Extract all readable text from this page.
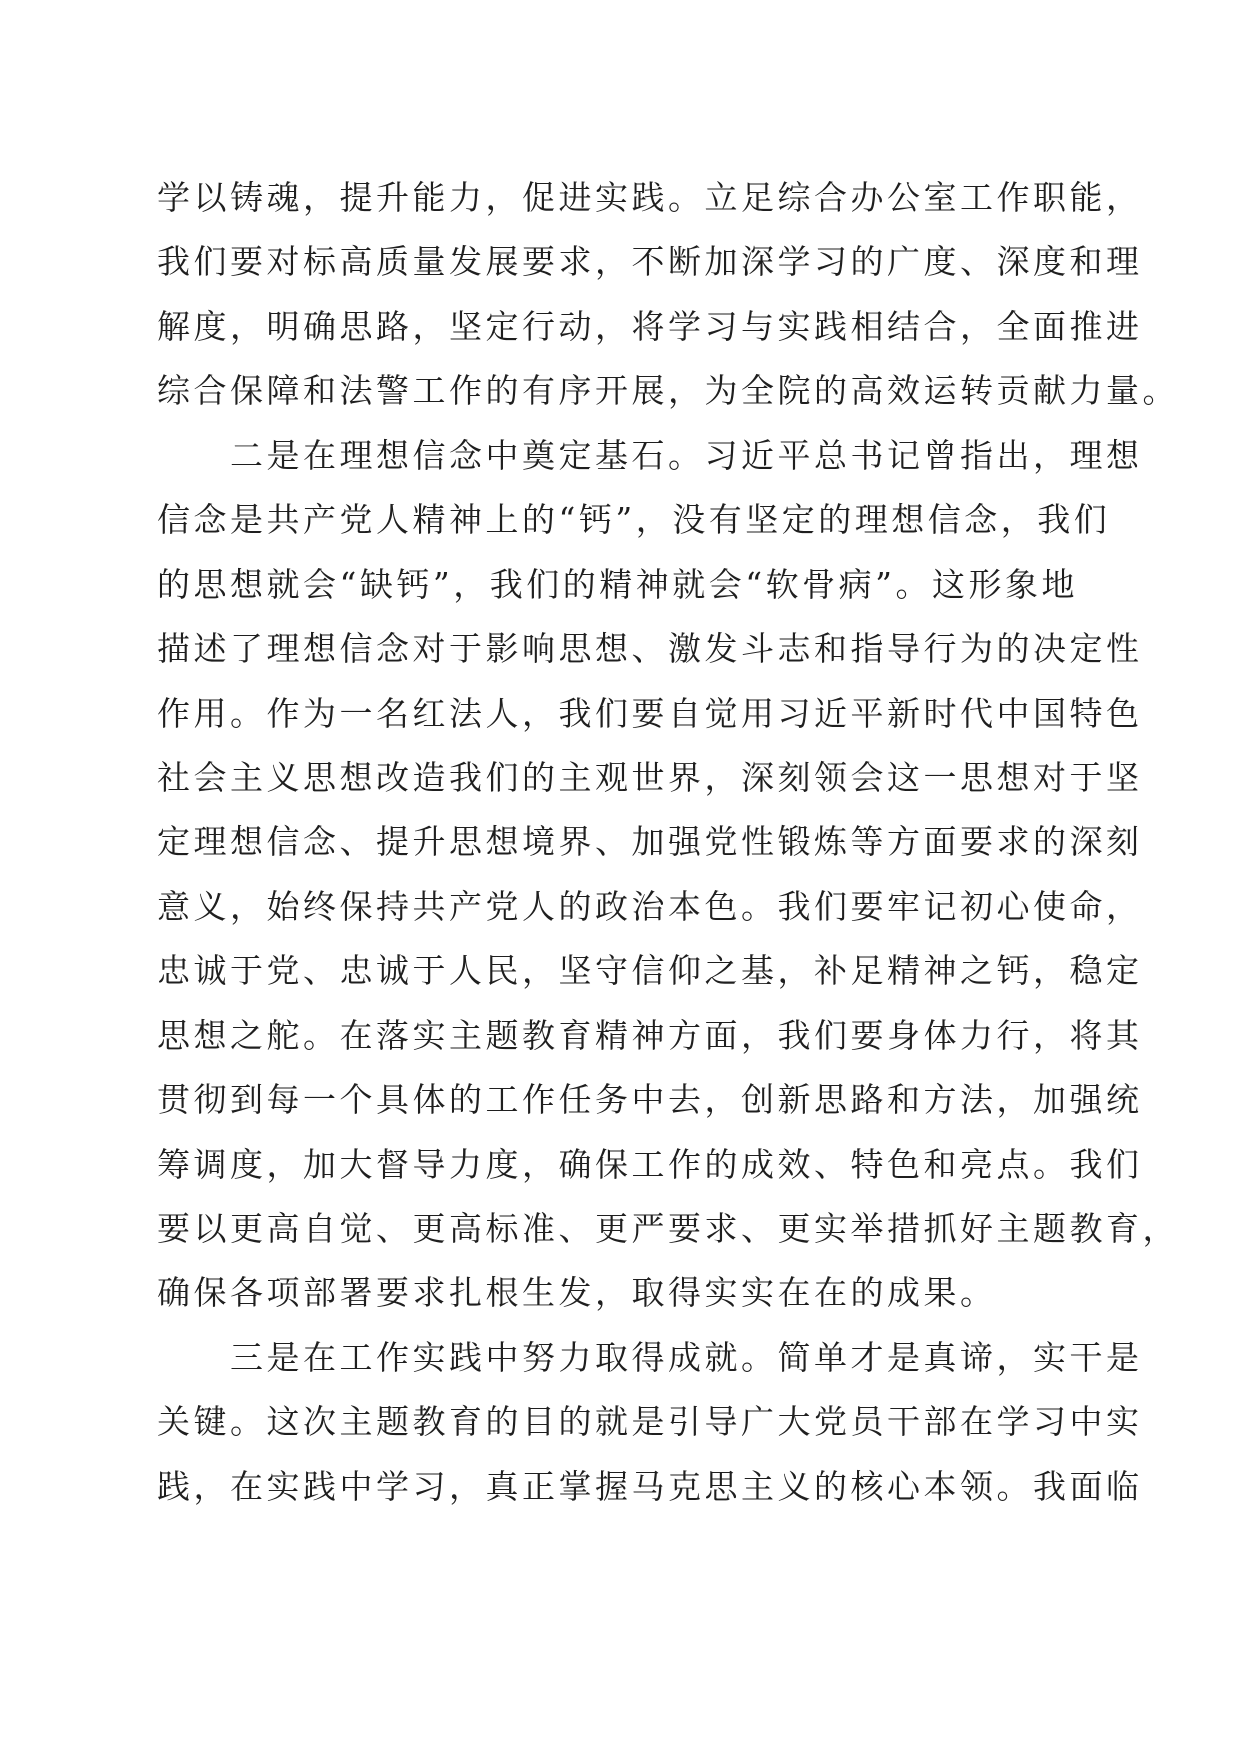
学以铸魂，提升能力，促进实践。立足综合办公室工作职能，
我们要对标高质量发展要求，不断加深学习的广度、深度和理
解度，明确思路，坚定行动，将学习与实践相结合，全面推进
综合保障和法警工作的有序开展，为全院的高效运转贡献力量。
　　二是在理想信念中奠定基石。习近平总书记曾指出，理想
信念是共产党人精神上的“钙”，没有坚定的理想信念，我们
的思想就会“缺钙”，我们的精神就会“软骨病”。这形象地
描述了理想信念对于影响思想、激发斗志和指导行为的决定性
作用。作为一名红法人，我们要自觉用习近平新时代中国特色
社会主义思想改造我们的主观世界，深刻领会这一思想对于坚
定理想信念、提升思想境界、加强党性锻炼等方面要求的深刻
意义，始终保持共产党人的政治本色。我们要牢记初心使命，
忠诚于党、忠诚于人民，坚守信仰之基，补足精神之钙，稳定
思想之舵。在落实主题教育精神方面，我们要身体力行，将其
贯彻到每一个具体的工作任务中去，创新思路和方法，加强统
筹调度，加大督导力度，确保工作的成效、特色和亮点。我们
要以更高自觉、更高标准、更严要求、更实举措抓好主题教育，
确保各项部署要求扎根生发，取得实实在在的成果。
　　三是在工作实践中努力取得成就。简单才是真谛，实干是
关键。这次主题教育的目的就是引导广大党员干部在学习中实
践，在实践中学习，真正掌握马克思主义的核心本领。我面临
